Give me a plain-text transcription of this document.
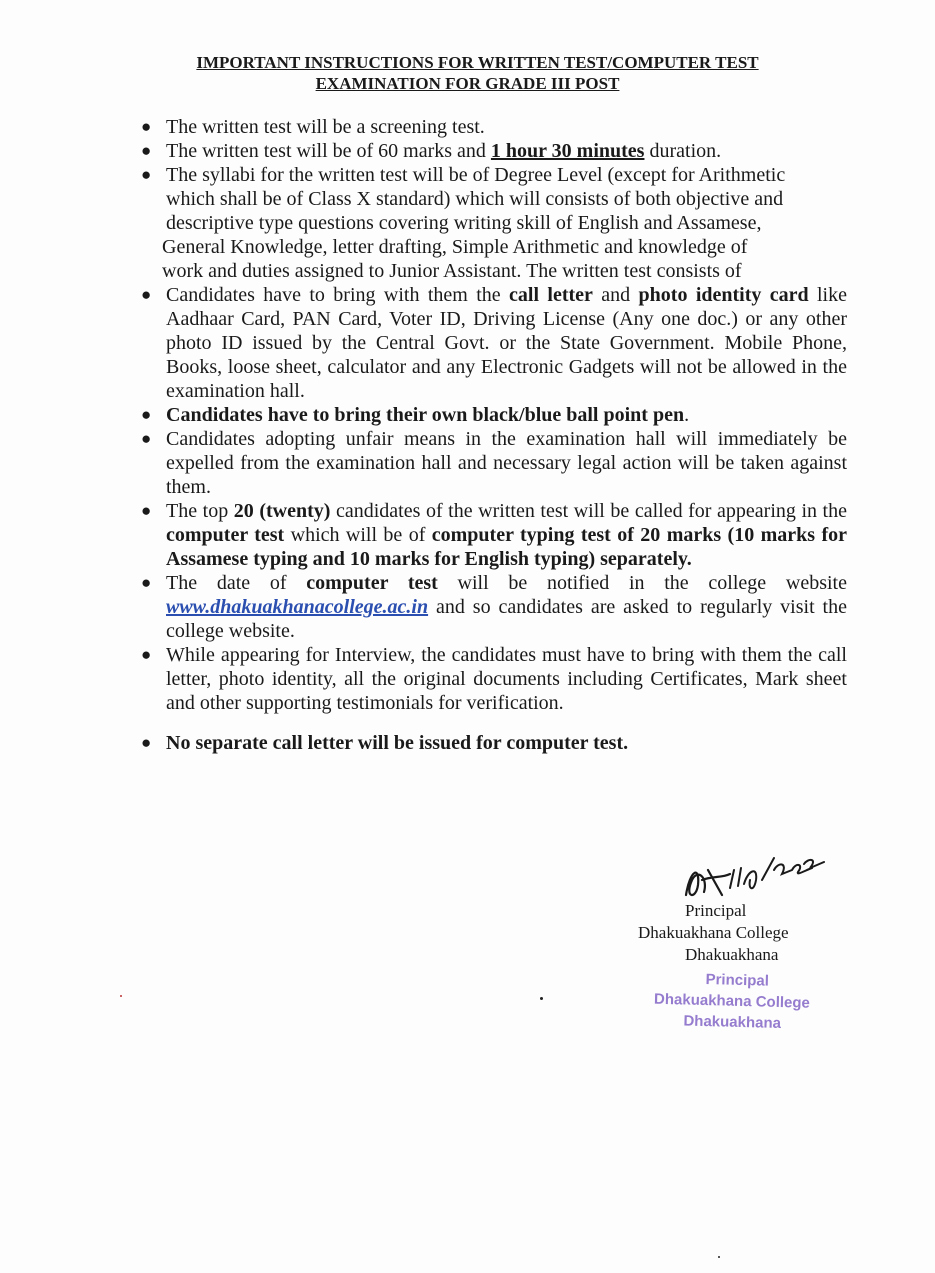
IMPORTANT INSTRUCTIONS FOR WRITTEN TEST/COMPUTER TEST
EXAMINATION FOR GRADE III POST
● The written test will be a screening test.
● The written test will be of 60 marks and 1 hour 30 minutes duration.
● The syllabi for the written test will be of Degree Level (except for Arithmetic
which shall be of Class X standard) which will consists of both objective and
descriptive type questions covering writing skill of English and Assamese,
General Knowledge, letter drafting, Simple Arithmetic and knowledge of
work and duties assigned to Junior Assistant. The written test consists of
● Candidates have to bring with them the call letter and photo identity card like Aadhaar Card, PAN Card, Voter ID, Driving License (Any one doc.) or any other photo ID issued by the Central Govt. or the State Government. Mobile Phone, Books, loose sheet, calculator and any Electronic Gadgets will not be allowed in the examination hall.
● Candidates have to bring their own black/blue ball point pen.
● Candidates adopting unfair means in the examination hall will immediately be expelled from the examination hall and necessary legal action will be taken against them.
● The top 20 (twenty) candidates of the written test will be called for appearing in the computer test which will be of computer typing test of 20 marks (10 marks for Assamese typing and 10 marks for English typing) separately.
● The date of computer test will be notified in the college website www.dhakuakhanacollege.ac.in and so candidates are asked to regularly visit the college website.
● While appearing for Interview, the candidates must have to bring with them the call letter, photo identity, all the original documents including Certificates, Mark sheet and other supporting testimonials for verification.
● No separate call letter will be issued for computer test.
Principal
Dhakuakhana College
Dhakuakhana
Principal
Dhakuakhana College
Dhakuakhana
